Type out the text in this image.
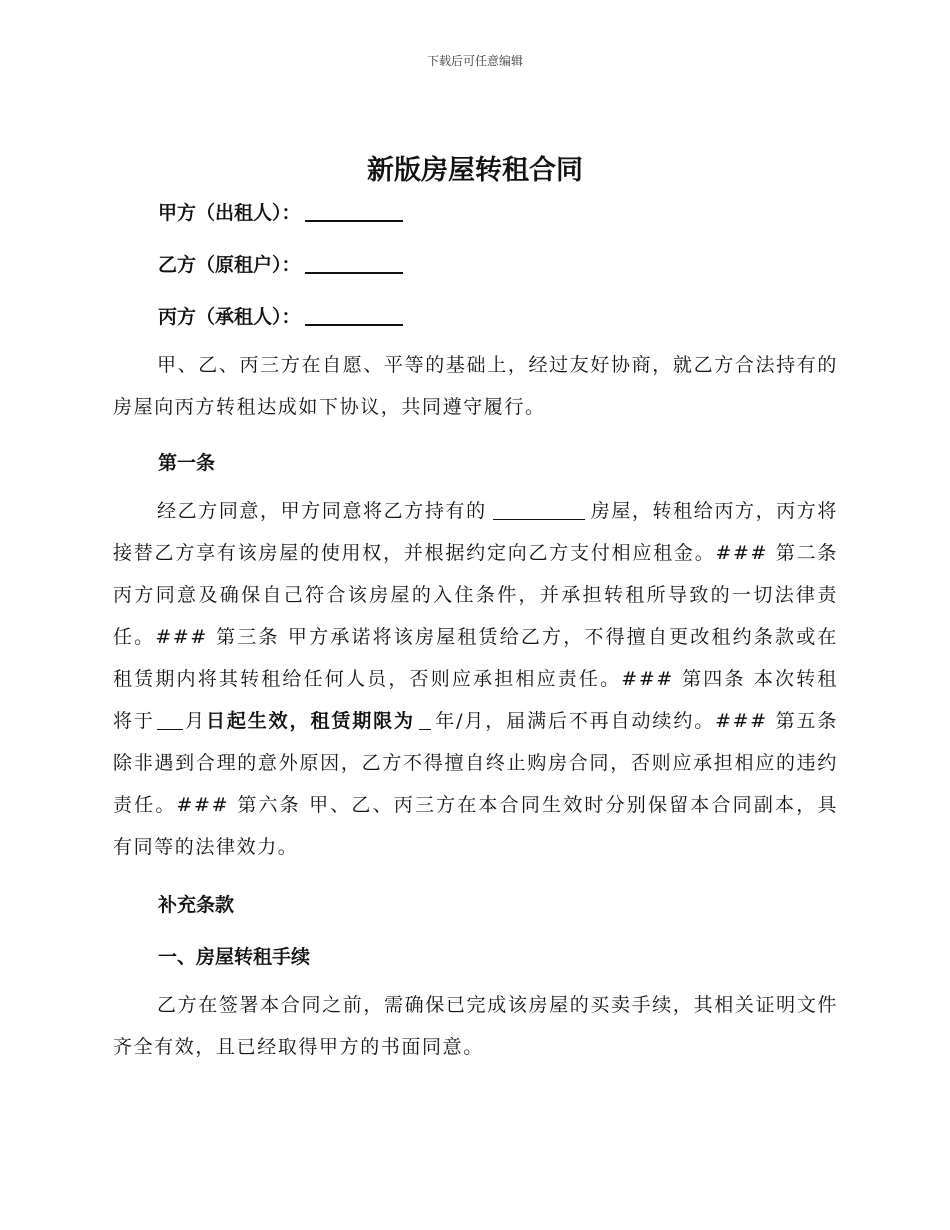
下载后可任意编辑
新版房屋转租合同
甲方（出租人）：
乙方（原租户）：
丙方（承租人）：

甲、乙、丙三方在自愿、平等的基础上，经过友好协商，就乙方合法持有的房屋向丙方转租达成如下协议，共同遵守履行。

第一条

经乙方同意，甲方同意将乙方持有的	房屋，转租给丙方，丙方将接替乙方享有该房屋的使用权，并根据约定向乙方支付相应租金。### 第二条 丙方同意及确保自己符合该房屋的入住条件，并承担转租所导致的一切法律责任。### 第三条 甲方承诺将该房屋租赁给乙方，不得擅自更改租约条款或在租赁期内将其转租给任何人员，否则应承担相应责任。### 第四条 本次转租将于 月日起生效，租赁期限为 年/月，届满后不再自动续约。### 第五条 除非遇到合理的意外原因，乙方不得擅自终止购房合同，否则应承担相应的违约责任。### 第六条 甲、乙、丙三方在本合同生效时分别保留本合同副本，具有同等的法律效力。

补充条款
一、房屋转租手续

乙方在签署本合同之前，需确保已完成该房屋的买卖手续，其相关证明文件齐全有效，且已经取得甲方的书面同意。
